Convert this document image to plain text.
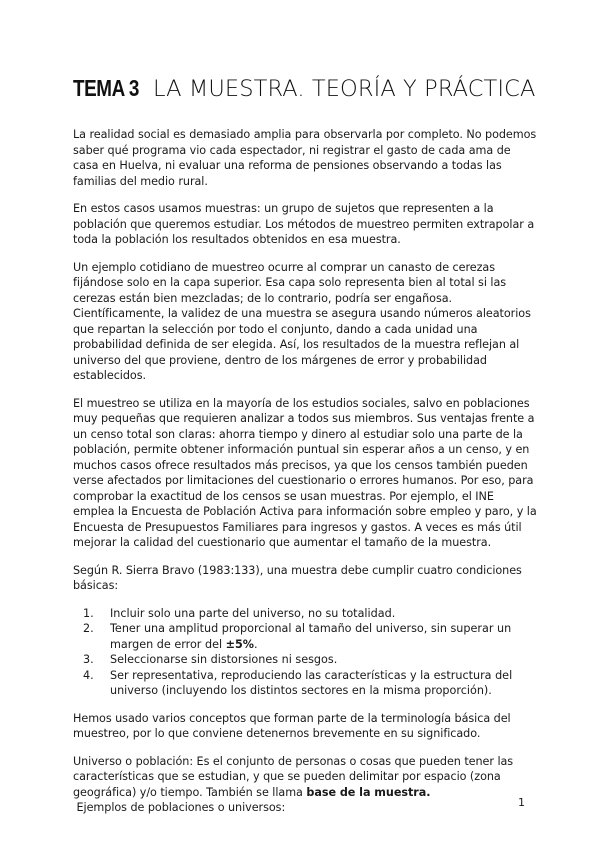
TEMA 3 LA MUESTRA. TEORÍA Y PRÁCTICA

La realidad social es demasiado amplia para observarla por completo. No podemos saber qué programa vio cada espectador, ni registrar el gasto de cada ama de casa en Huelva, ni evaluar una reforma de pensiones observando a todas las familias del medio rural.

En estos casos usamos muestras: un grupo de sujetos que representen a la población que queremos estudiar. Los métodos de muestreo permiten extrapolar a toda la población los resultados obtenidos en esa muestra.

Un ejemplo cotidiano de muestreo ocurre al comprar un canasto de cerezas fijándose solo en la capa superior. Esa capa solo representa bien al total si las cerezas están bien mezcladas; de lo contrario, podría ser engañosa. Científicamente, la validez de una muestra se asegura usando números aleatorios que repartan la selección por todo el conjunto, dando a cada unidad una probabilidad definida de ser elegida. Así, los resultados de la muestra reflejan al universo del que proviene, dentro de los márgenes de error y probabilidad establecidos.

El muestreo se utiliza en la mayoría de los estudios sociales, salvo en poblaciones muy pequeñas que requieren analizar a todos sus miembros. Sus ventajas frente a un censo total son claras: ahorra tiempo y dinero al estudiar solo una parte de la población, permite obtener información puntual sin esperar años a un censo, y en muchos casos ofrece resultados más precisos, ya que los censos también pueden verse afectados por limitaciones del cuestionario o errores humanos. Por eso, para comprobar la exactitud de los censos se usan muestras. Por ejemplo, el INE emplea la Encuesta de Población Activa para información sobre empleo y paro, y la Encuesta de Presupuestos Familiares para ingresos y gastos. A veces es más útil mejorar la calidad del cuestionario que aumentar el tamaño de la muestra.

Según R. Sierra Bravo (1983:133), una muestra debe cumplir cuatro condiciones básicas:

1.	Incluir solo una parte del universo, no su totalidad.
2.	Tener una amplitud proporcional al tamaño del universo, sin superar un margen de error del ±5%.
3.	Seleccionarse sin distorsiones ni sesgos.
4.	Ser representativa, reproduciendo las características y la estructura del universo (incluyendo los distintos sectores en la misma proporción).

Hemos usado varios conceptos que forman parte de la terminología básica del muestreo, por lo que conviene detenernos brevemente en su significado.

Universo o población: Es el conjunto de personas o cosas que pueden tener las características que se estudian, y que se pueden delimitar por espacio (zona geográfica) y/o tiempo. También se llama base de la muestra.
Ejemplos de poblaciones o universos:	1
